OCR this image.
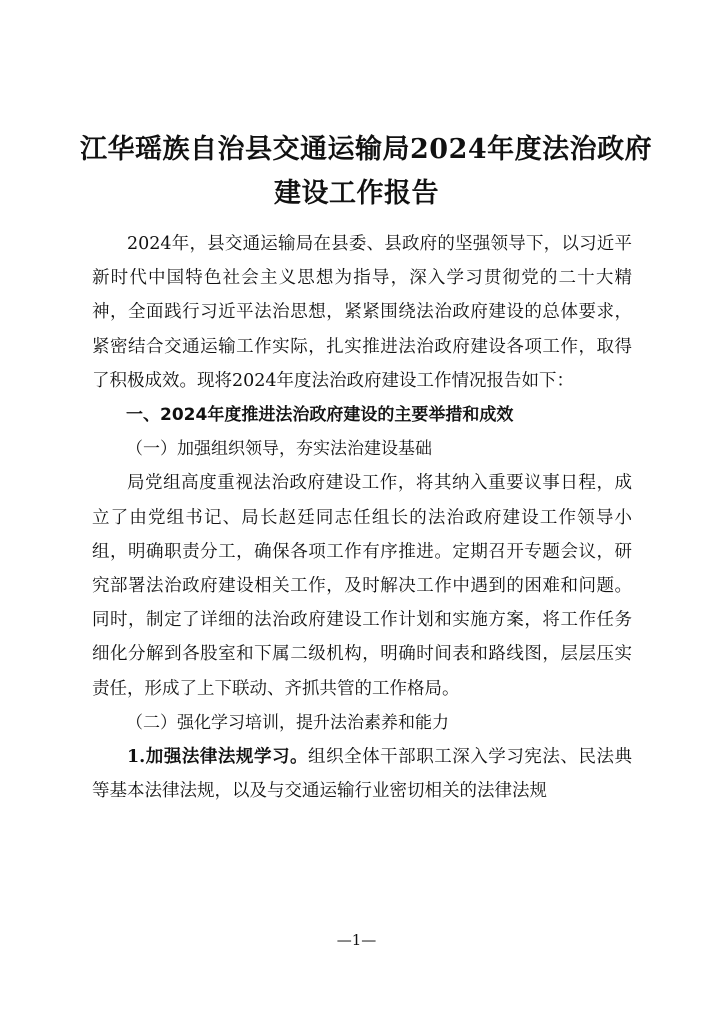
江华瑶族自治县交通运输局2024年度法治政府
建设工作报告

2024年，县交通运输局在县委、县政府的坚强领导下，以习近平新时代中国特色社会主义思想为指导，深入学习贯彻党的二十大精神，全面践行习近平法治思想，紧紧围绕法治政府建设的总体要求，紧密结合交通运输工作实际，扎实推进法治政府建设各项工作，取得了积极成效。现将2024年度法治政府建设工作情况报告如下：

一、2024年度推进法治政府建设的主要举措和成效

（一）加强组织领导，夯实法治建设基础

局党组高度重视法治政府建设工作，将其纳入重要议事日程，成立了由党组书记、局长赵廷同志任组长的法治政府建设工作领导小组，明确职责分工，确保各项工作有序推进。定期召开专题会议，研究部署法治政府建设相关工作，及时解决工作中遇到的困难和问题。同时，制定了详细的法治政府建设工作计划和实施方案，将工作任务细化分解到各股室和下属二级机构，明确时间表和路线图，层层压实责任，形成了上下联动、齐抓共管的工作格局。

（二）强化学习培训，提升法治素养和能力

1.加强法律法规学习。组织全体干部职工深入学习宪法、民法典等基本法律法规，以及与交通运输行业密切相关的法律法规

—1—
